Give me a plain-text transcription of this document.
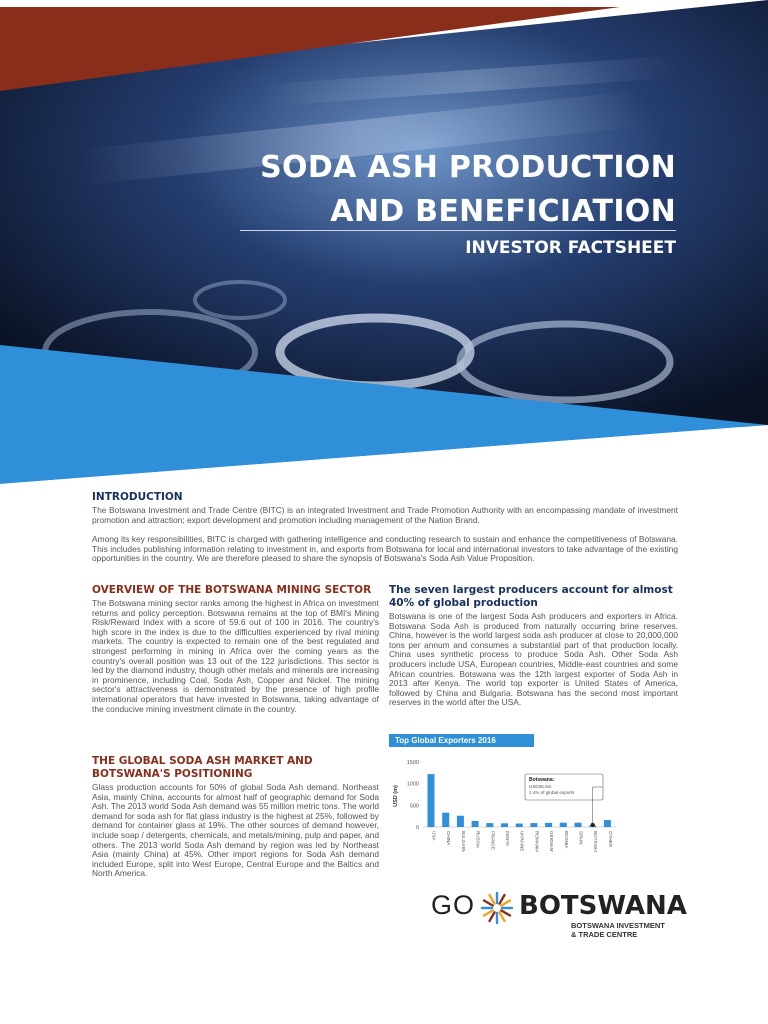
SODA ASH PRODUCTION
AND BENEFICIATION
INVESTOR FACTSHEET
INTRODUCTION

The Botswana Investment and Trade Centre (BITC) is an integrated Investment and Trade Promotion Authority with an encompassing mandate of investment promotion and attraction; export development and promotion including management of the Nation Brand.

Among its key responsibilities, BITC is charged with gathering intelligence and conducting research to sustain and enhance the competitiveness of Botswana. This includes publishing information relating to investment in, and exports from Botswana for local and international investors to take advantage of the existing opportunities in the country. We are therefore pleased to share the synopsis of Botswana's Soda Ash Value Proposition.

OVERVIEW OF THE BOTSWANA MINING SECTOR

The Botswana mining sector ranks among the highest in Africa on investment returns and policy perception. Botswana remains at the top of BMI's Mining Risk/Reward Index with a score of 59.6 out of 100 in 2016. The country's high score in the index is due to the difficulties experienced by rival mining markets. The country is expected to remain one of the best regulated and strongest performing in mining in Africa over the coming years as the country's overall position was 13 out of the 122 jurisdictions. This sector is led by the diamond industry, though other metals and minerals are increasing in prominence, including Coal, Soda Ash, Copper and Nickel. The mining sector's attractiveness is demonstrated by the presence of high profile international operators that have invested in Botswana, taking advantage of the conducive mining investment climate in the country.

THE GLOBAL SODA ASH MARKET AND BOTSWANA'S POSITIONING

Glass production accounts for 50% of global Soda Ash demand. Northeast Asia, mainly China, accounts for almost half of geographic demand for Soda Ash. The 2013 world Soda Ash demand was 55 million metric tons. The world demand for soda ash for flat glass industry is the highest at 25%, followed by demand for container glass at 19%. The other sources of demand however, include soap / detergents, chemicals, and metals/mining, pulp and paper, and others. The 2013 world Soda Ash demand by region was led by Northeast Asia (mainly China) at 45%. Other import regions for Soda Ash demand included Europe, split into West Europe, Central Europe and the Baltics and North America.

The seven largest producers account for almost 40% of global production

Botswana is one of the largest Soda Ash producers and exporters in Africa. Botswana Soda Ash is produced from naturally occurring brine reserves. China, however is the world largest soda ash producer at close to 20,000,000 tons per annum and consumes a substantial part of that production locally. China uses synthetic process to produce Soda Ash. Other Soda Ash producers include USA, European countries, Middle-east countries and some African countries. Botswana was the 12th largest exporter of Soda Ash in 2013 after Kenya. The world top exporter is United States of America, followed by China and Bulgaria. Botswana has the second most important reserves in the world after the USA.

Top Global Exporters 2016
USD (m)
0
500
1000
1500
USA CHINA BULGARIA RUSSIA FRANCE KENYA UKRAINE ROMANIA GERMANY BOSNIA SPAIN BOTSWANA OTHER
Botswana:
USD36.6m
1.4% of global exports
GO BOTSWANA
BOTSWANA INVESTMENT
& TRADE CENTRE
